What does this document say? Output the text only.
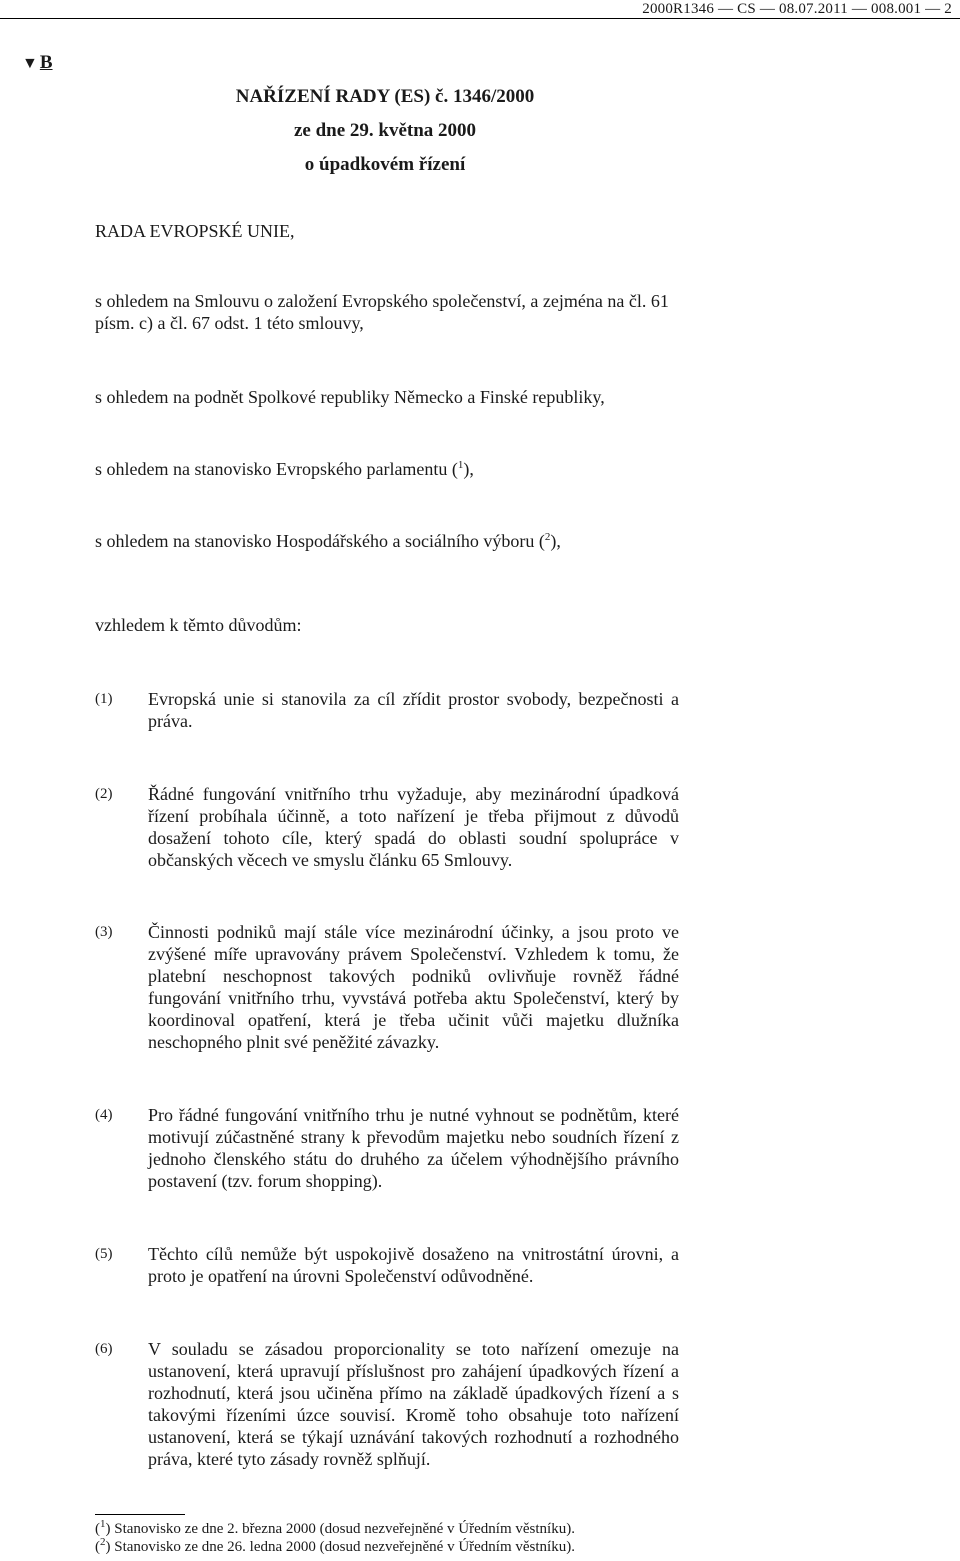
2000R1346 — CS — 08.07.2011 — 008.001 — 2
▼ B
NAŘÍZENÍ RADY (ES) č. 1346/2000
ze dne 29. května 2000
o úpadkovém řízení
RADA EVROPSKÉ UNIE,
s ohledem na Smlouvu o založení Evropského společenství, a zejména na čl. 61 písm. c) a čl. 67 odst. 1 této smlouvy,
s ohledem na podnět Spolkové republiky Německo a Finské republiky,
s ohledem na stanovisko Evropského parlamentu ($^1$),
s ohledem na stanovisko Hospodářského a sociálního výboru ($^2$),
vzhledem k těmto důvodům:
(1) Evropská unie si stanovila za cíl zřídit prostor svobody, bezpečnosti a práva.
(2) Řádné fungování vnitřního trhu vyžaduje, aby mezinárodní úpadková řízení probíhala účinně, a toto nařízení je třeba přijmout z důvodů dosažení tohoto cíle, který spadá do oblasti soudní spolupráce v občanských věcech ve smyslu článku 65 Smlouvy.
(3) Činnosti podniků mají stále více mezinárodní účinky, a jsou proto ve zvýšené míře upravovány právem Společenství. Vzhledem k tomu, že platební neschopnost takových podniků ovlivňuje rovněž řádné fungování vnitřního trhu, vyvstává potřeba aktu Společenství, který by koordinoval opatření, která je třeba učinit vůči majetku dlužníka neschopného plnit své peněžité závazky.
(4) Pro řádné fungování vnitřního trhu je nutné vyhnout se podnětům, které motivují zúčastněné strany k převodům majetku nebo soudních řízení z jednoho členského státu do druhého za účelem výhodnějšího právního postavení (tzv. forum shopping).
(5) Těchto cílů nemůže být uspokojivě dosaženo na vnitrostátní úrovni, a proto je opatření na úrovni Společenství odůvodněné.
(6) V souladu se zásadou proporcionality se toto nařízení omezuje na ustanovení, která upravují příslušnost pro zahájení úpadkových řízení a rozhodnutí, která jsou učiněna přímo na základě úpadkových řízení a s takovými řízeními úzce souvisí. Kromě toho obsahuje toto nařízení ustanovení, která se týkají uznávání takových rozhodnutí a rozhodného práva, které tyto zásady rovněž splňují.
($^1$) Stanovisko ze dne 2. března 2000 (dosud nezveřejněné v Úředním věstníku).
($^2$) Stanovisko ze dne 26. ledna 2000 (dosud nezveřejněné v Úředním věstníku).
